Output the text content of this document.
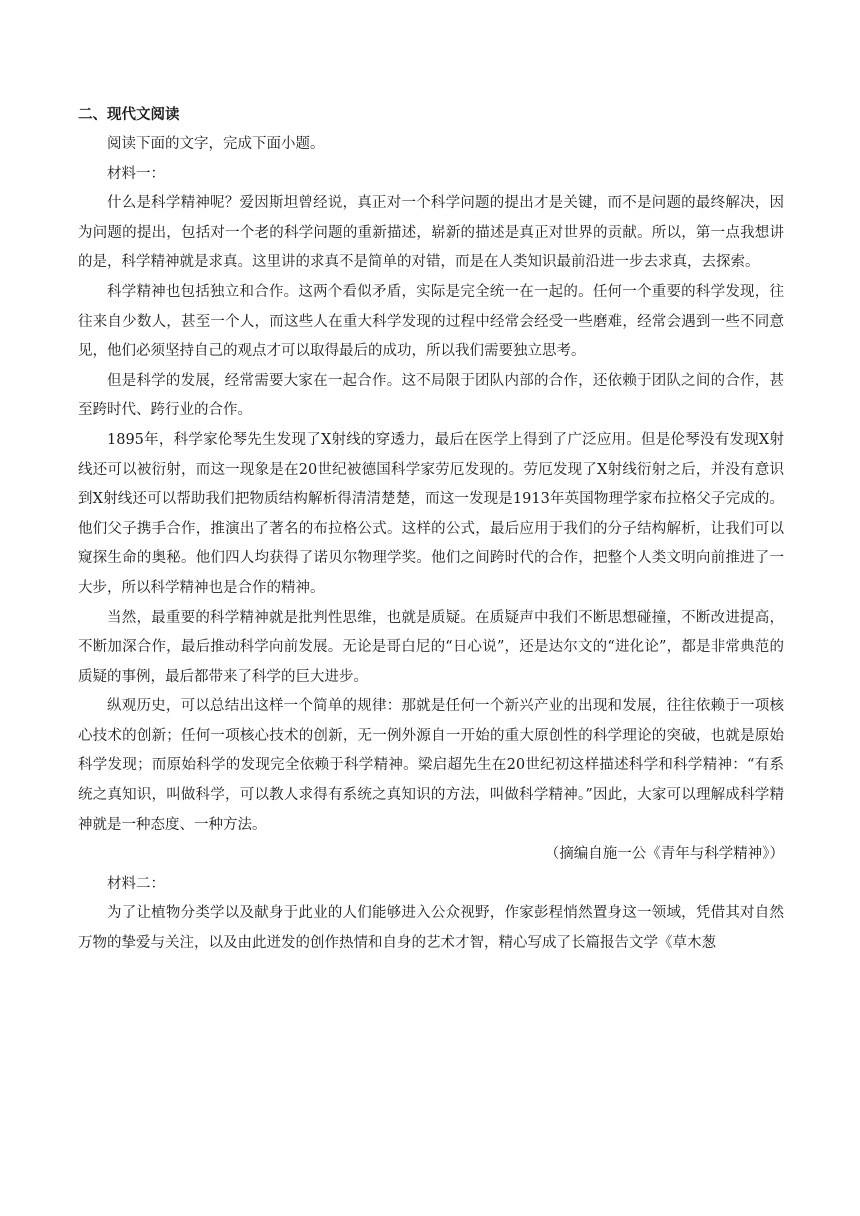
二、现代文阅读

阅读下面的文字，完成下面小题。

材料一：

什么是科学精神呢？爱因斯坦曾经说，真正对一个科学问题的提出才是关键，而不是问题的最终解决，因为问题的提出，包括对一个老的科学问题的重新描述，崭新的描述是真正对世界的贡献。所以，第一点我想讲的是，科学精神就是求真。这里讲的求真不是简单的对错，而是在人类知识最前沿进一步去求真，去探索。

科学精神也包括独立和合作。这两个看似矛盾，实际是完全统一在一起的。任何一个重要的科学发现，往往来自少数人，甚至一个人，而这些人在重大科学发现的过程中经常会经受一些磨难，经常会遇到一些不同意见，他们必须坚持自己的观点才可以取得最后的成功，所以我们需要独立思考。

但是科学的发展，经常需要大家在一起合作。这不局限于团队内部的合作，还依赖于团队之间的合作，甚至跨时代、跨行业的合作。

1895年，科学家伦琴先生发现了X射线的穿透力，最后在医学上得到了广泛应用。但是伦琴没有发现X射线还可以被衍射，而这一现象是在20世纪被德国科学家劳厄发现的。劳厄发现了X射线衍射之后，并没有意识到X射线还可以帮助我们把物质结构解析得清清楚楚，而这一发现是1913年英国物理学家布拉格父子完成的。他们父子携手合作，推演出了著名的布拉格公式。这样的公式，最后应用于我们的分子结构解析，让我们可以窥探生命的奥秘。他们四人均获得了诺贝尔物理学奖。他们之间跨时代的合作，把整个人类文明向前推进了一大步，所以科学精神也是合作的精神。

当然，最重要的科学精神就是批判性思维，也就是质疑。在质疑声中我们不断思想碰撞，不断改进提高，不断加深合作，最后推动科学向前发展。无论是哥白尼的“日心说”，还是达尔文的“进化论”，都是非常典范的质疑的事例，最后都带来了科学的巨大进步。

纵观历史，可以总结出这样一个简单的规律：那就是任何一个新兴产业的出现和发展，往往依赖于一项核心技术的创新；任何一项核心技术的创新，无一例外源自一开始的重大原创性的科学理论的突破，也就是原始科学发现；而原始科学的发现完全依赖于科学精神。梁启超先生在20世纪初这样描述科学和科学精神：“有系统之真知识，叫做科学，可以教人求得有系统之真知识的方法，叫做科学精神。”因此，大家可以理解成科学精神就是一种态度、一种方法。

（摘编自施一公《青年与科学精神》）

材料二：

为了让植物分类学以及献身于此业的人们能够进入公众视野，作家彭程悄然置身这一领域，凭借其对自然万物的挚爱与关注，以及由此迸发的创作热情和自身的艺术才智，精心写成了长篇报告文学《草木葱
